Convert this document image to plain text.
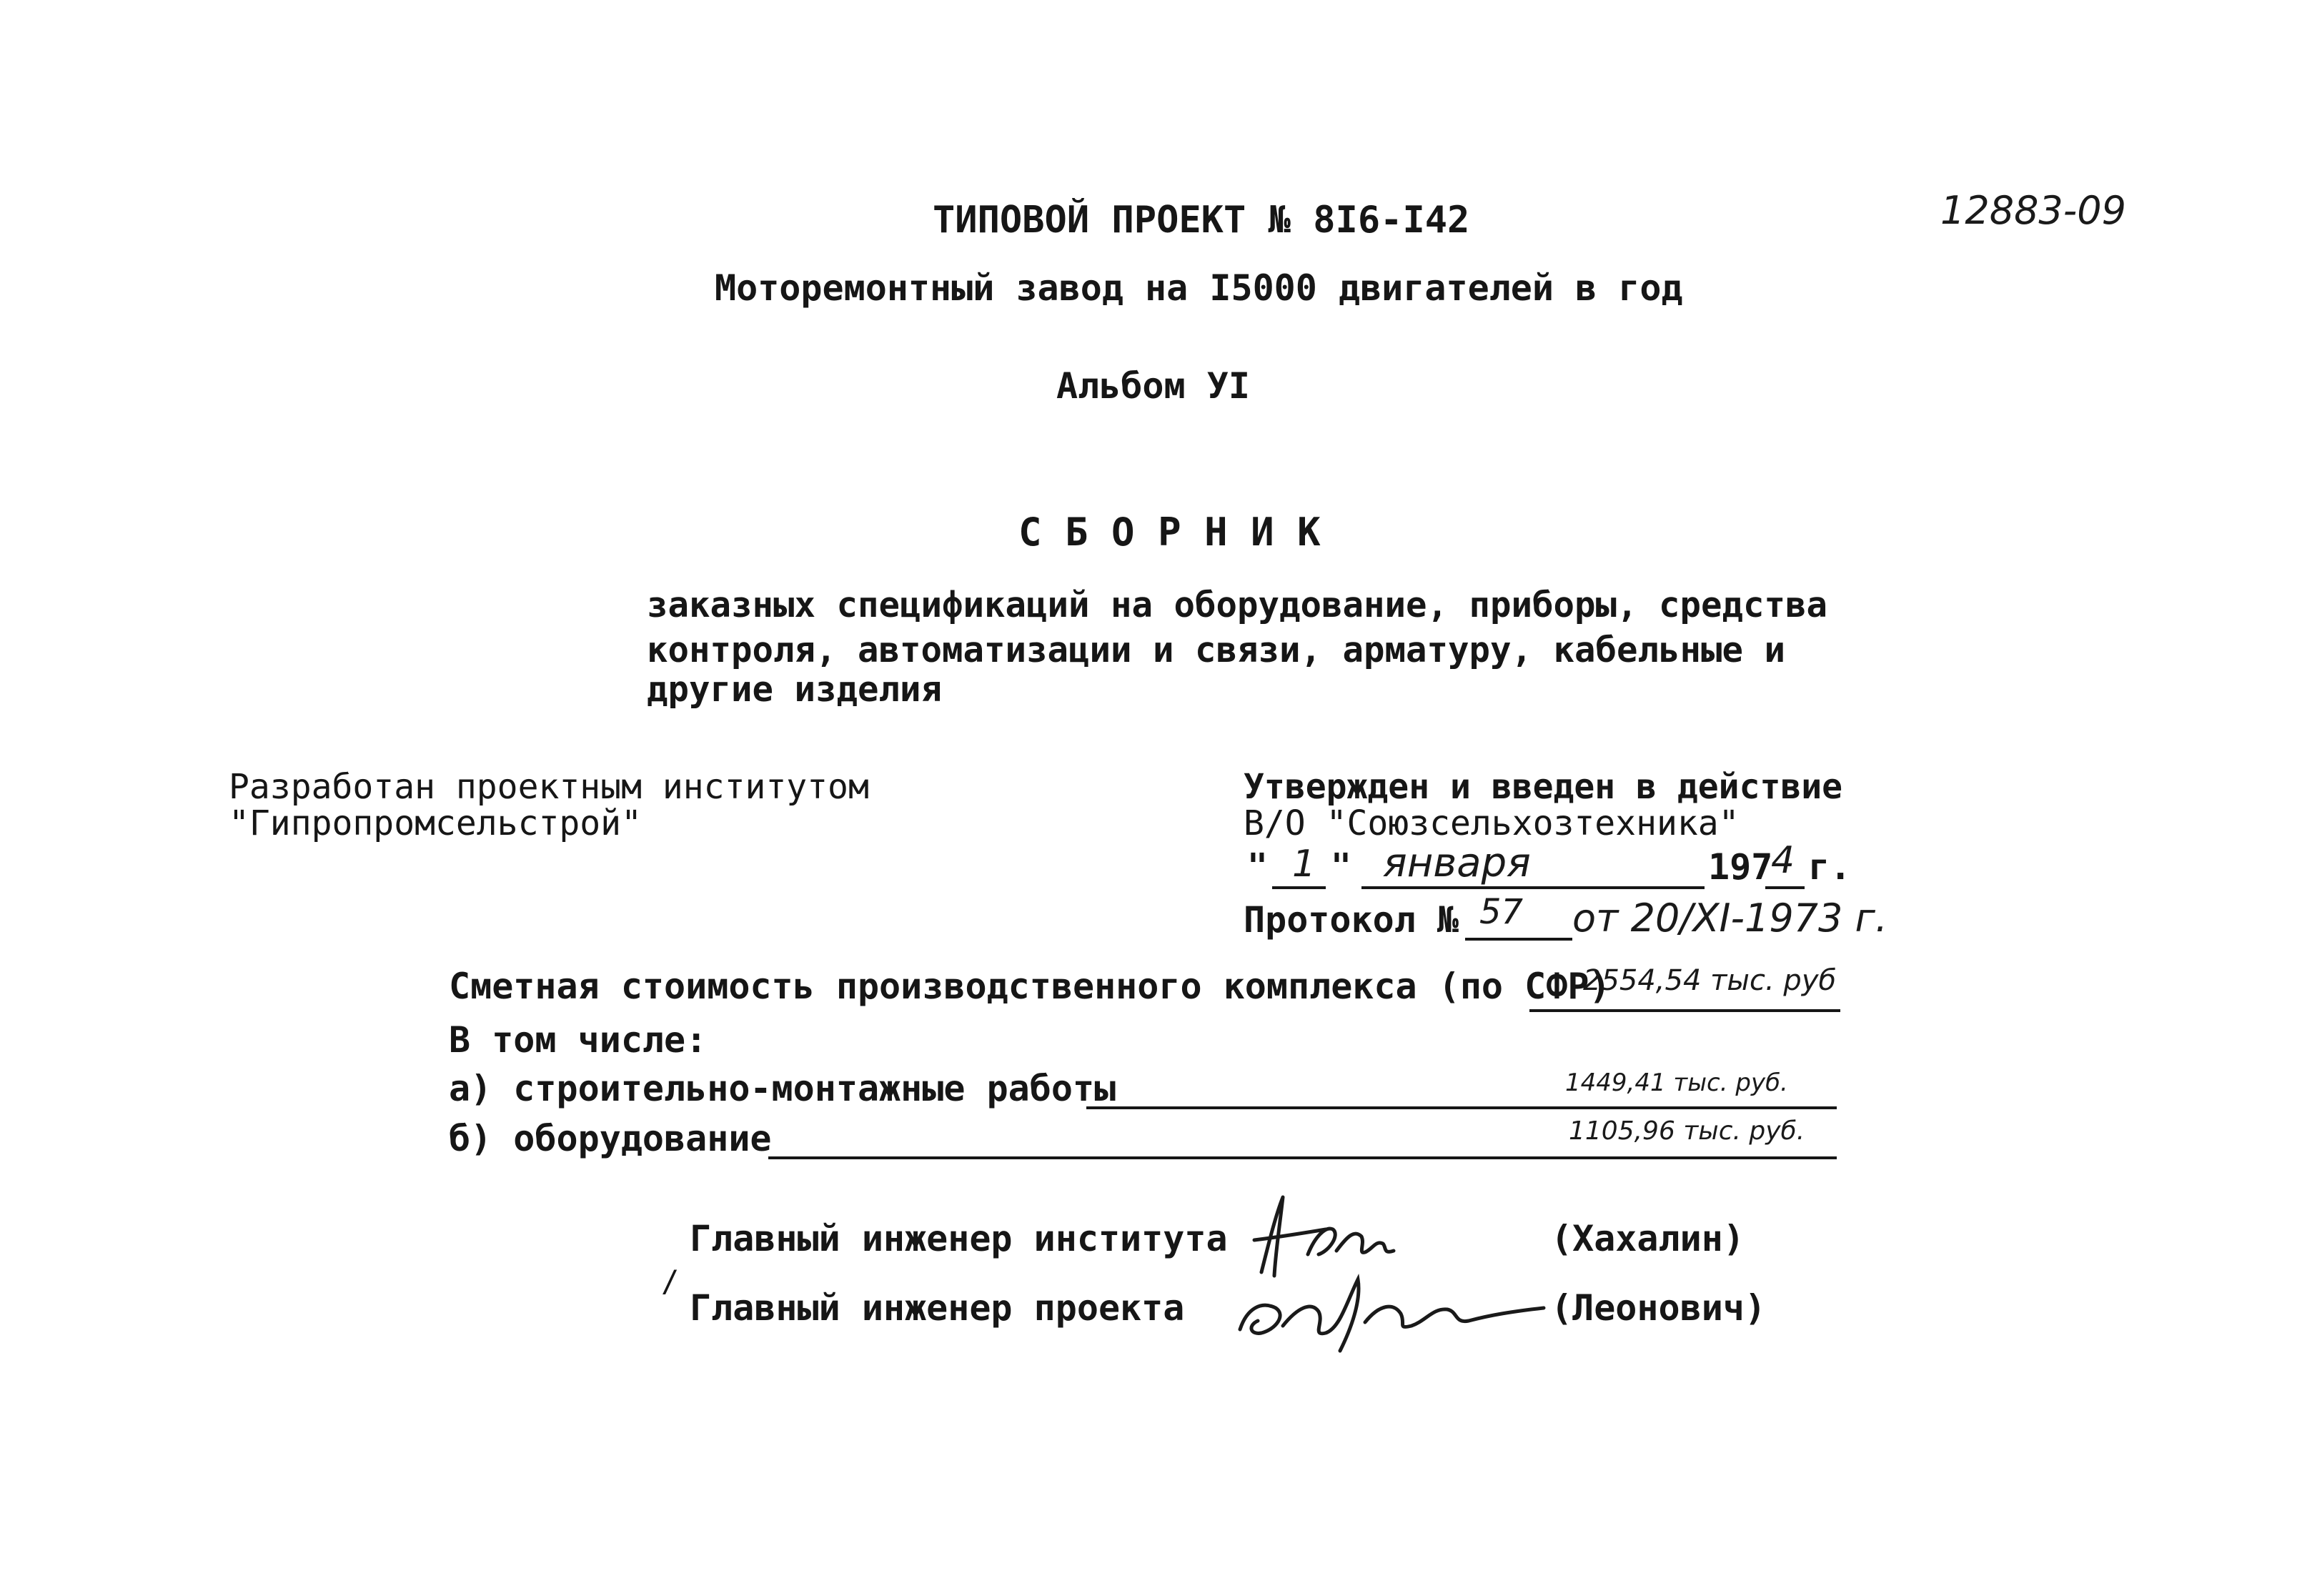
ТИПОВОЙ ПРОЕКТ № 8I6-I42	12883-09
Моторемонтный завод на I5000 двигателей в год
Альбом УI
С Б О Р Н И К
заказных спецификаций на оборудование, приборы, средства
контроля, автоматизации и связи, арматуру, кабельные и
другие изделия
Разработан проектным институтом
"Гипропромсельстрой"
Утвержден и введен в действие
В/О "Союзсельхозтехника"
" 1 " января	197
4 г.
Протокол № 57 от 20/XI-1973 г.
Сметная стоимость производственного комплекса (по СФР)
2554,54 тыс. руб
В том числе:
а) строительно-монтажные работы	1449,41 тыс. руб.
б) оборудование	1105,96 тыс. руб.
Главный инженер института	(Хахалин)
/
Главный инженер проекта	(Леонович)
